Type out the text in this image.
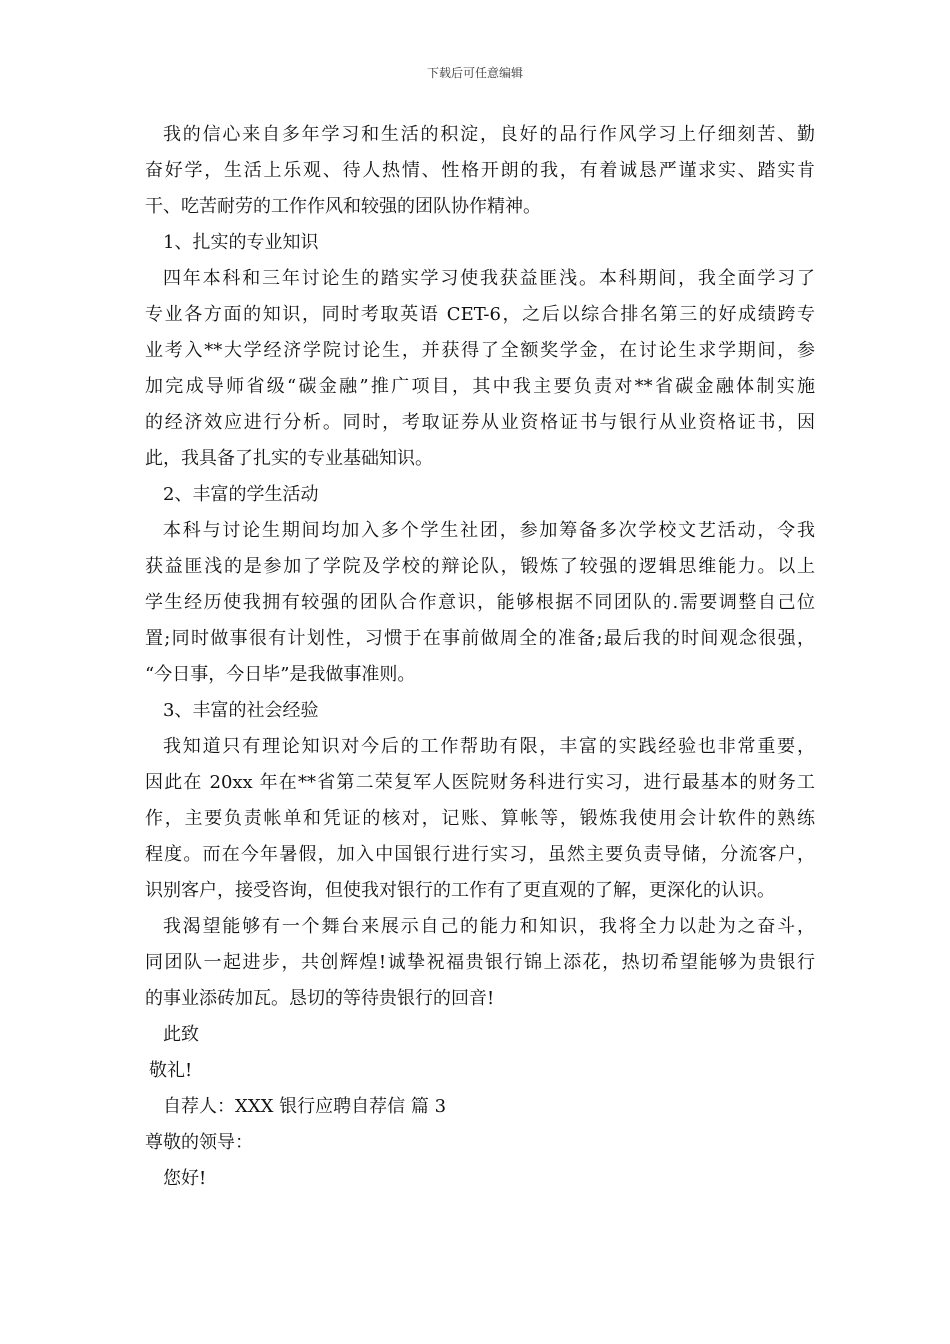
下载后可任意编辑
我的信心来自多年学习和生活的积淀，良好的品行作风学习上仔细刻苦、勤
奋好学，生活上乐观、待人热情、性格开朗的我，有着诚恳严谨求实、踏实肯
干、吃苦耐劳的工作作风和较强的团队协作精神。
1、扎实的专业知识
四年本科和三年讨论生的踏实学习使我获益匪浅。本科期间，我全面学习了
专业各方面的知识，同时考取英语 CET-6，之后以综合排名第三的好成绩跨专
业考入**大学经济学院讨论生，并获得了全额奖学金，在讨论生求学期间，参
加完成导师省级“碳金融”推广项目，其中我主要负责对**省碳金融体制实施
的经济效应进行分析。同时，考取证券从业资格证书与银行从业资格证书，因
此，我具备了扎实的专业基础知识。
2、丰富的学生活动
本科与讨论生期间均加入多个学生社团，参加筹备多次学校文艺活动，令我
获益匪浅的是参加了学院及学校的辩论队，锻炼了较强的逻辑思维能力。以上
学生经历使我拥有较强的团队合作意识，能够根据不同团队的.需要调整自己位
置;同时做事很有计划性，习惯于在事前做周全的准备;最后我的时间观念很强，
“今日事，今日毕”是我做事准则。
3、丰富的社会经验
我知道只有理论知识对今后的工作帮助有限，丰富的实践经验也非常重要，
因此在 20xx 年在**省第二荣复军人医院财务科进行实习，进行最基本的财务工
作，主要负责帐单和凭证的核对，记账、算帐等，锻炼我使用会计软件的熟练
程度。而在今年暑假，加入中国银行进行实习，虽然主要负责导储，分流客户，
识别客户，接受咨询，但使我对银行的工作有了更直观的了解，更深化的认识。
我渴望能够有一个舞台来展示自己的能力和知识，我将全力以赴为之奋斗，
同团队一起进步，共创辉煌!诚挚祝福贵银行锦上添花，热切希望能够为贵银行
的事业添砖加瓦。恳切的等待贵银行的回音!
此致
敬礼!
自荐人：XXX 银行应聘自荐信 篇 3
尊敬的领导：
您好!
